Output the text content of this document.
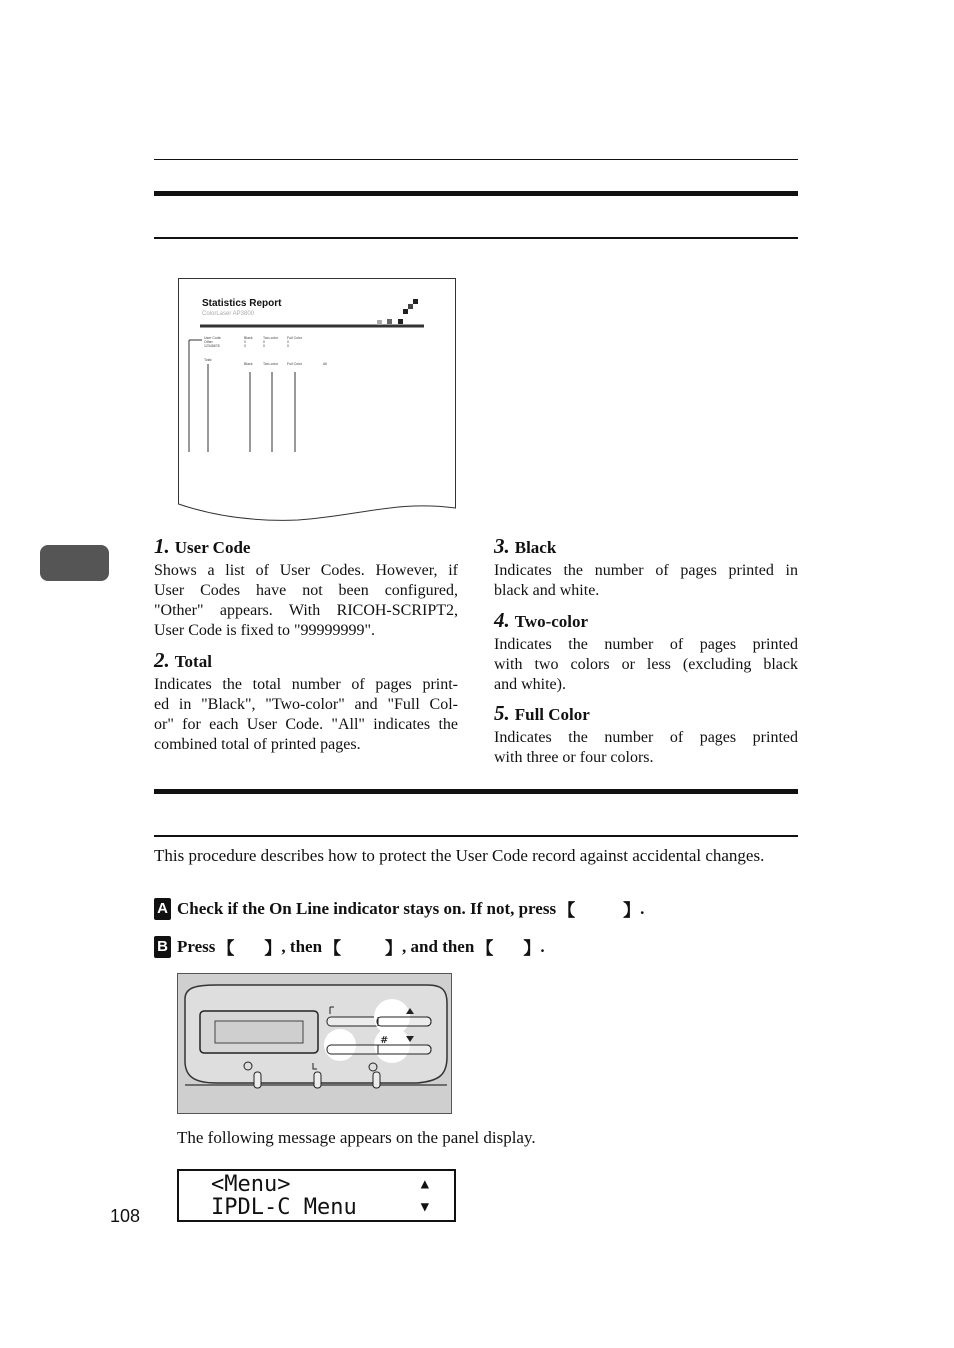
Statistics Report
ColorLaser AP3800
User Code	Black	Two-color	Full Color
Other	0	0	0
12345678	0	0	0
Total
Black	Two-color	Full Color	All
1. User Code
Shows a list of User Codes. However, if
User Codes have not been configured,
"Other" appears. With RICOH-SCRIPT2,
User Code is fixed to "99999999".
2. Total
Indicates the total number of pages print-
ed in "Black", "Two-color" and "Full Col-
or" for each User Code. "All" indicates the
combined total of printed pages.
3. Black
Indicates the number of pages printed in
black and white.
4. Two-color
Indicates the number of pages printed
with two colors or less (excluding black
and white).
5. Full Color
Indicates the number of pages printed
with three or four colors.
This procedure describes how to protect the User Code record against accidental changes.
A Check if the On Line indicator stays on. If not, press 【	】 .
B Press 【 】 , then 【	】 , and then 【 】 .
#
The following message appears on the panel display.
<Menu>	▲
IPDL-C Menu	▼
108
